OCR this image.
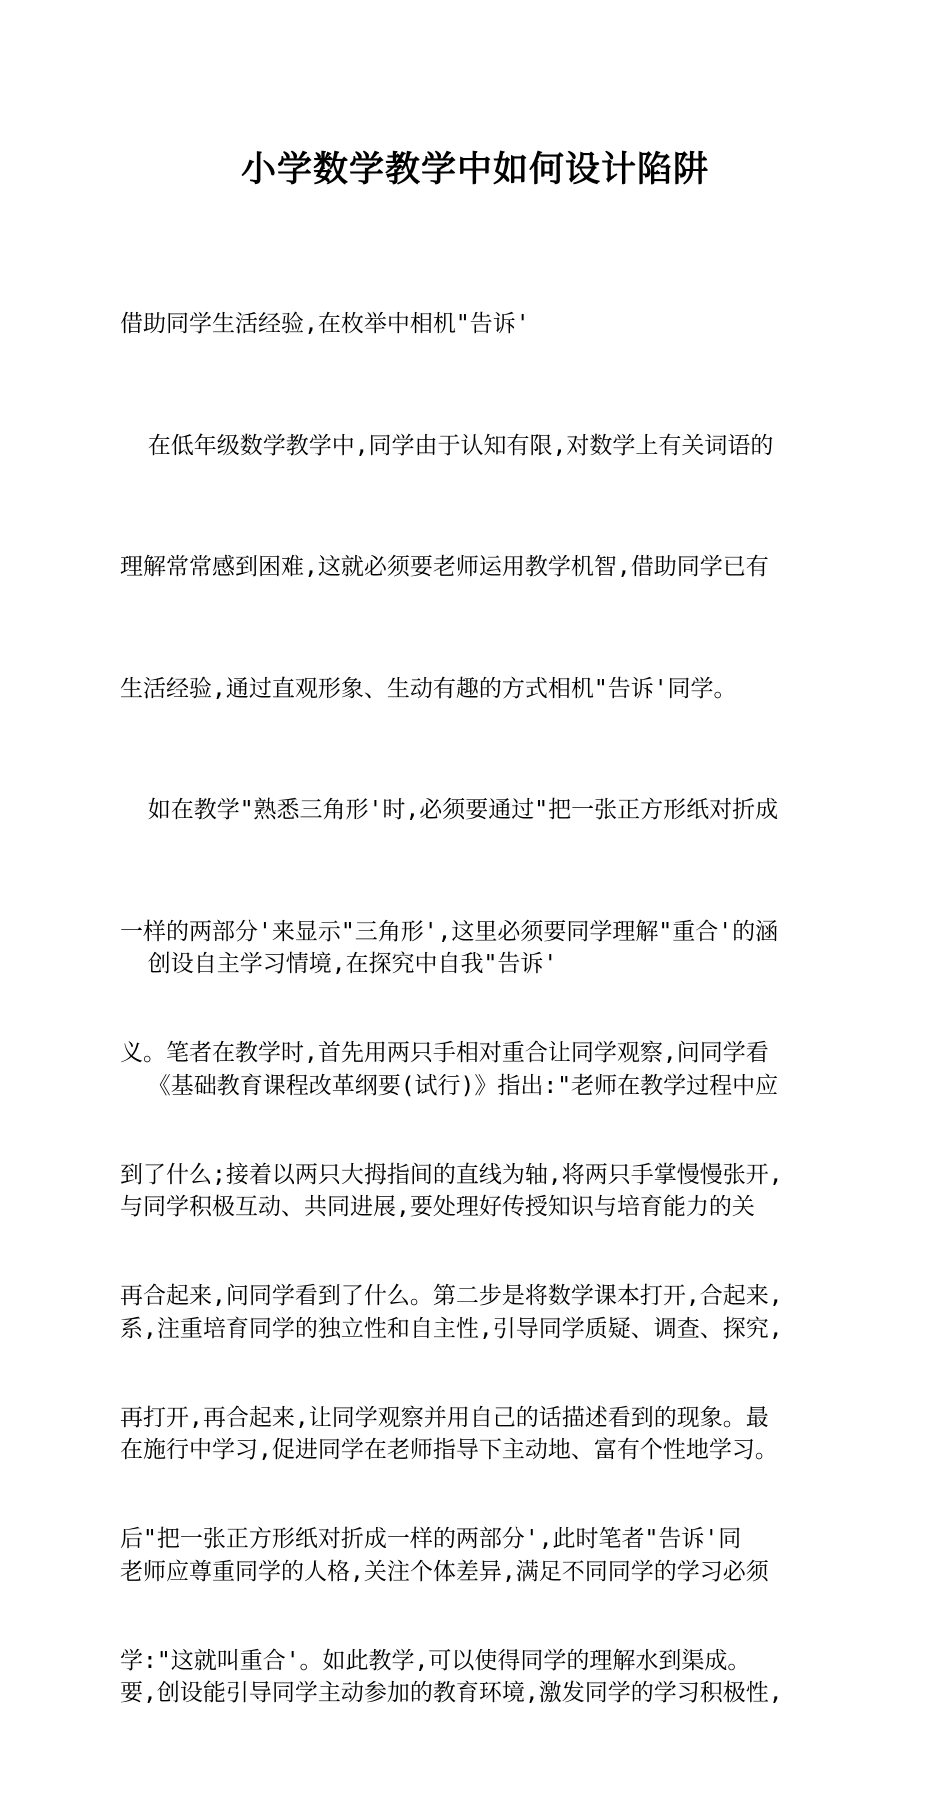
小学数学教学中如何设计陷阱

借助同学生活经验,在枚举中相机"告诉'

在低年级数学教学中,同学由于认知有限,对数学上有关词语的

理解常常感到困难,这就必须要老师运用教学机智,借助同学已有

生活经验,通过直观形象、生动有趣的方式相机"告诉'同学。

如在教学"熟悉三角形'时,必须要通过"把一张正方形纸对折成

一样的两部分'来显示"三角形',这里必须要同学理解"重合'的涵

义。笔者在教学时,首先用两只手相对重合让同学观察,问同学看

到了什么;接着以两只大拇指间的直线为轴,将两只手掌慢慢张开,

再合起来,问同学看到了什么。第二步是将数学课本打开,合起来,

再打开,再合起来,让同学观察并用自己的话描述看到的现象。最

后"把一张正方形纸对折成一样的两部分',此时笔者"告诉'同

学:"这就叫重合'。如此教学,可以使得同学的理解水到渠成。

创设自主学习情境,在探究中自我"告诉'

《基础教育课程改革纲要(试行)》指出:"老师在教学过程中应

与同学积极互动、共同进展,要处理好传授知识与培育能力的关

系,注重培育同学的独立性和自主性,引导同学质疑、调查、探究,

在施行中学习,促进同学在老师指导下主动地、富有个性地学习。

老师应尊重同学的人格,关注个体差异,满足不同同学的学习必须

要,创设能引导同学主动参加的教育环境,激发同学的学习积极性,
